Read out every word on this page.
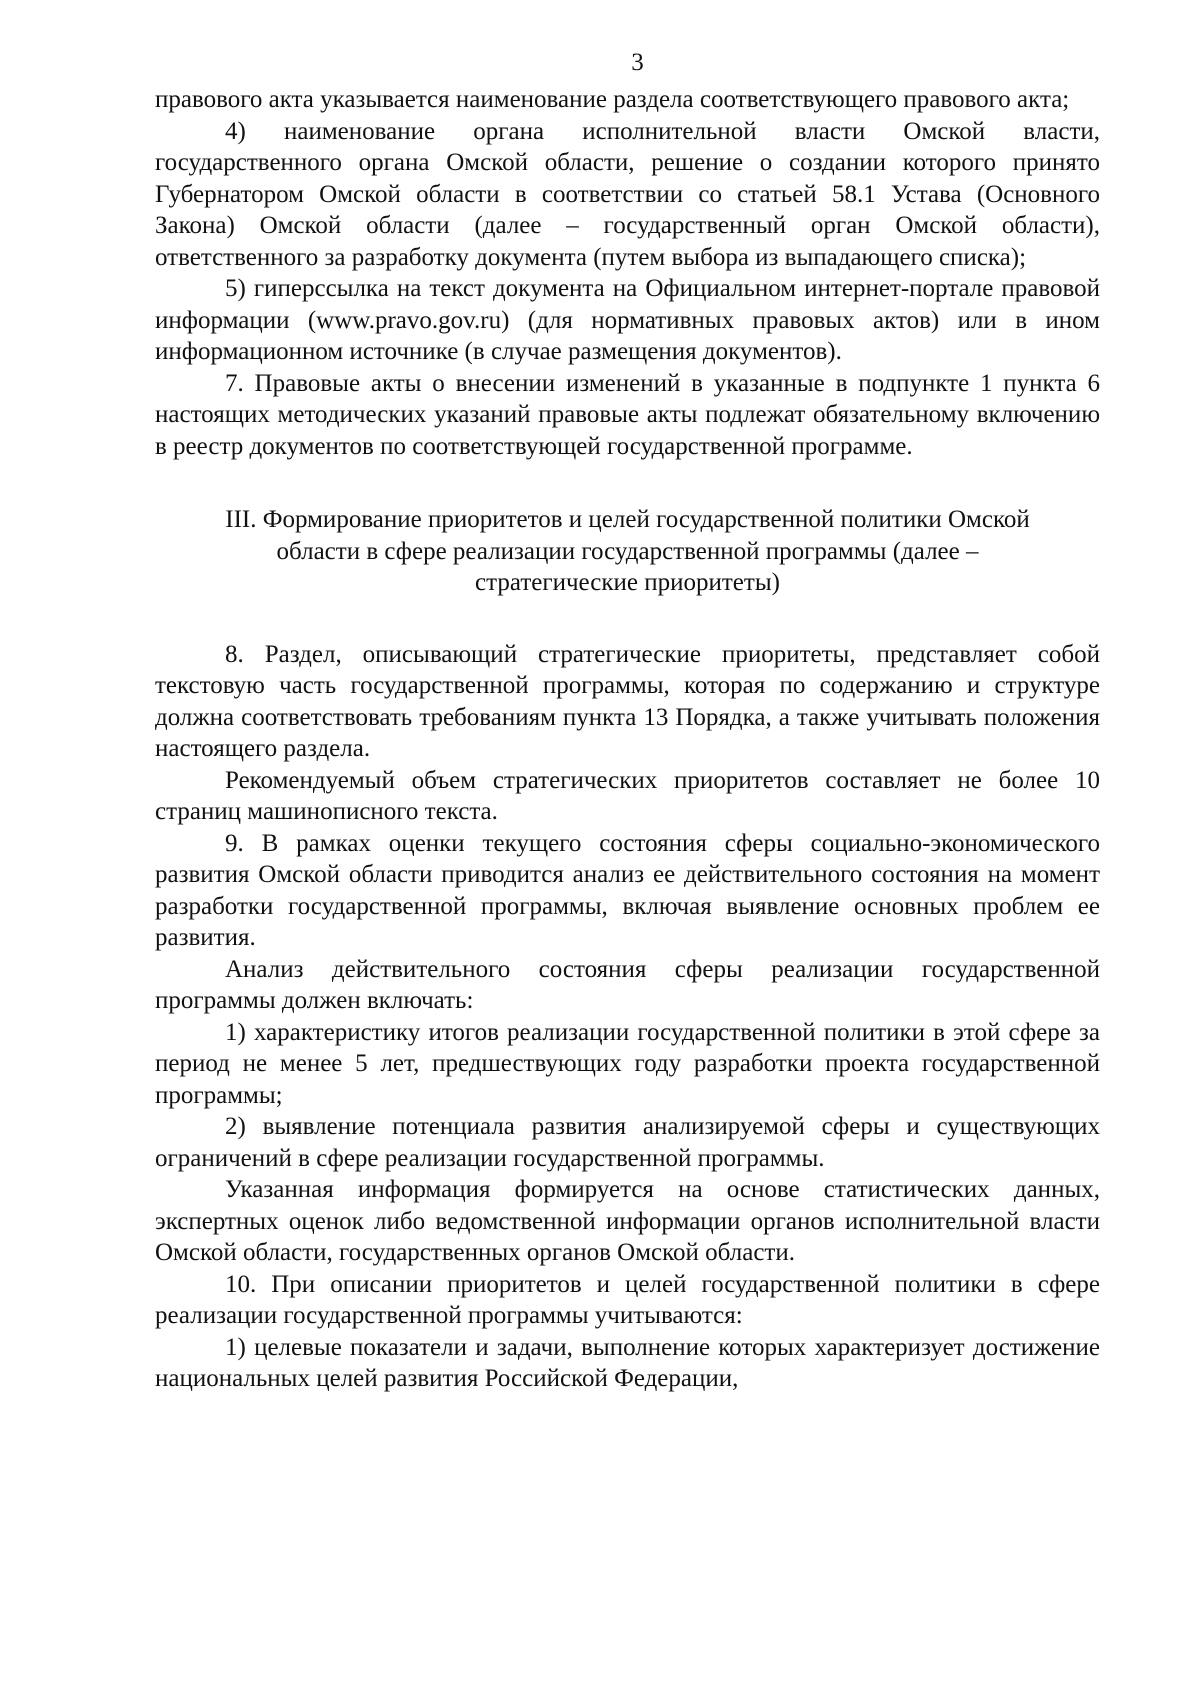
3

правового акта указывается наименование раздела соответствующего правового акта;

4) наименование органа исполнительной власти Омской власти, государственного органа Омской области, решение о создании которого принято Губернатором Омской области в соответствии со статьей 58.1 Устава (Основного Закона) Омской области (далее – государственный орган Омской области), ответственного за разработку документа (путем выбора из выпадающего списка);

5) гиперссылка на текст документа на Официальном интернет-портале правовой информации (www.pravo.gov.ru) (для нормативных правовых актов) или в ином информационном источнике (в случае размещения документов).

7. Правовые акты о внесении изменений в указанные в подпункте 1 пункта 6 настоящих методических указаний правовые акты подлежат обязательному включению в реестр документов по соответствующей государственной программе.

III. Формирование приоритетов и целей государственной политики Омской
области в сфере реализации государственной программы (далее –
стратегические приоритеты)

8. Раздел, описывающий стратегические приоритеты, представляет собой текстовую часть государственной программы, которая по содержанию и структуре должна соответствовать требованиям пункта 13 Порядка, а также учитывать положения настоящего раздела.

Рекомендуемый объем стратегических приоритетов составляет не более 10 страниц машинописного текста.

9. В рамках оценки текущего состояния сферы социально-экономического развития Омской области приводится анализ ее действительного состояния на момент разработки государственной программы, включая выявление основных проблем ее развития.

Анализ действительного состояния сферы реализации государственной программы должен включать:

1) характеристику итогов реализации государственной политики в этой сфере за период не менее 5 лет, предшествующих году разработки проекта государственной программы;

2) выявление потенциала развития анализируемой сферы и существующих ограничений в сфере реализации государственной программы.

Указанная информация формируется на основе статистических данных, экспертных оценок либо ведомственной информации органов исполнительной власти Омской области, государственных органов Омской области.

10. При описании приоритетов и целей государственной политики в сфере реализации государственной программы учитываются:

1) целевые показатели и задачи, выполнение которых характеризует достижение национальных целей развития Российской Федерации,
